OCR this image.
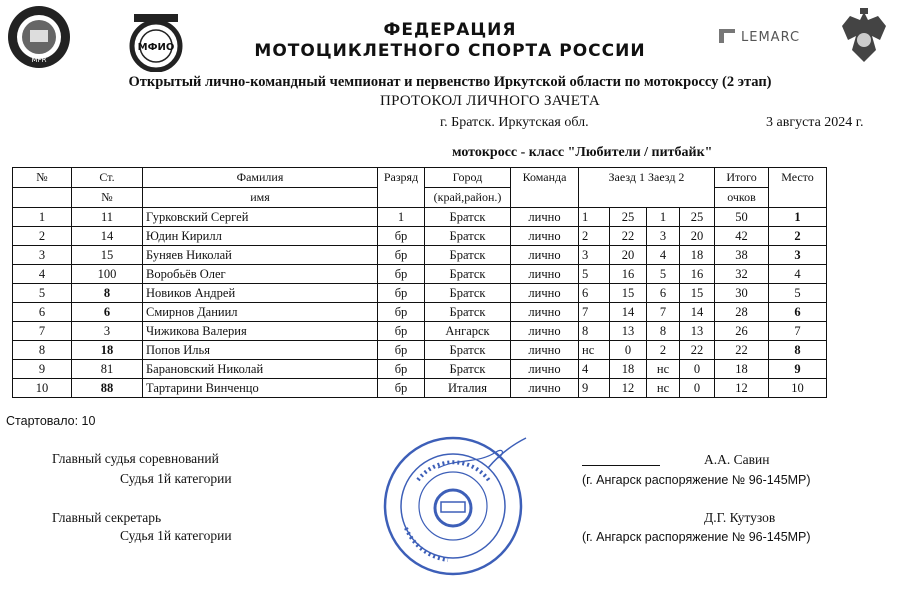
MFR
МФИО
ФЕДЕРАЦИЯ
МОТОЦИКЛЕТНОГО СПОРТА РОССИИ
LEMARC
Открытый лично-командный чемпионат и первенство Иркутской области по мотокроссу (2 этап)
ПРОТОКОЛ ЛИЧНОГО ЗАЧЕТА
г. Братск. Иркутская обл.	3 августа 2024 г.
мотокросс - класс "Любители / питбайк"
№	Ст.	Фамилия	Разряд	Город	Команда	Заезд 1 Заезд 2				Итого	Место
	№	имя		(край,район.)						очков	
1	11	Гурковский Сергей	1	Братск	лично	1	25	1	25	50	1
2	14	Юдин Кирилл	бр	Братск	лично	2	22	3	20	42	2
3	15	Буняев Николай	бр	Братск	лично	3	20	4	18	38	3
4	100	Воробьёв Олег	бр	Братск	лично	5	16	5	16	32	4
5	8	Новиков Андрей	бр	Братск	лично	6	15	6	15	30	5
6	6	Смирнов Даниил	бр	Братск	лично	7	14	7	14	28	6
7	3	Чижикова Валерия	бр	Ангарск	лично	8	13	8	13	26	7
8	18	Попов Илья	бр	Братск	лично	нс	0	2	22	22	8
9	81	Барановский Николай	бр	Братск	лично	4	18	нс	0	18	9
10	88	Тартарини Винченцо	бр	Италия	лично	9	12	нс	0	12	10
Стартовало: 10
Главный судья соревнований
Судья 1й категории
Главный секретарь
Судья 1й категории
А.А. Савин
(г. Ангарск распоряжение № 96-145МР)
Д.Г. Кутузов
(г. Ангарск распоряжение № 96-145МР)
